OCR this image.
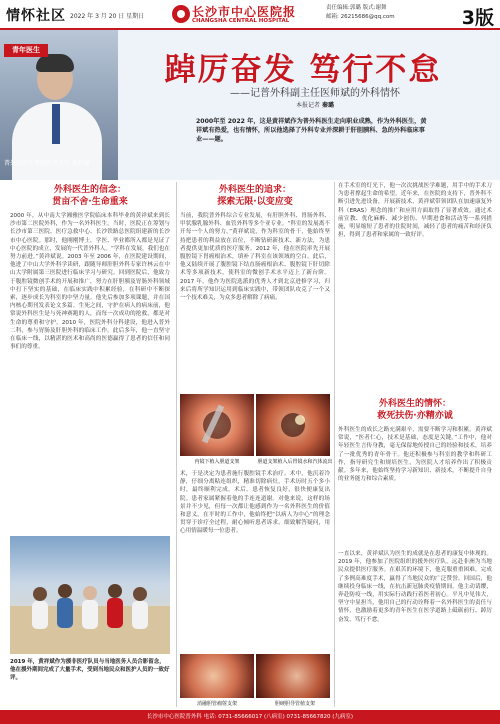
情怀社区 2022 年 3 月 20 日 星期日	长沙市中心医院报
CHANGSHA CENTRAL HOSPITAL
责任编辑:郭璐 版式:谢舞
邮箱: 26215686@qq.com	3版
青年医生
普外科医生胃肠肛周主任 黄祥斌
踔厉奋发 笃行不怠
——记普外科副主任医师斌的外科情怀
本报记者 秦璐
2000年至 2022 年，这是黄祥斌作为普外科医生走向职业成熟，作为外科医生，黄祥斌有热爱，也有情怀，所以他选择了外科专业并深耕于肝胆胰科、急的外科临床事业——题。
外科医生的信念：
贯亩不舍·生命重来
2000 年，从中南大学湘雅医学院临床本科毕业的黄祥斌来到长沙市第二医院外科，作为一名外科医生。当时，医院正在筹划与长沙市第三医院、医疗急救中心、长沙铁路总医院组建新的长沙市中心医院。那时，他刚刚博士，学医、毕业都所入都是见证了中心医院的成立，发展的一代普外科人。“学科在发展，我们也在努力前进。”黄祥斌说。2003 年至 2006 年，在医院建设期间，他进了中山大学外科学读研，跟随导师肝胆外科专家许林云在中山大学附属第三医院进行临床学习与研究。回到医院后，他致力于腹腔镜微创手术的开展和推广，努力在肝胆胰及胃肠外科领域中打下坚实的基础，在临床实践中积累经验，在科研中不断探索，逐步成长为科室的中坚力量。他先后参加多项课题，并在国内核心期刊发表论文多篇。生死之间，守护在病人的病床前，他常说外科医生是与死神赛跑的人，而每一次成功的抢救，都是对生命的尊重和守护。2010 年，医院外科分科建设，他进入普外二科，参与胃肠及肝胆外科的临床工作。此后多年，他一直坚守在临床一线，以精湛的医术和高尚的医德赢得了患者的信任和同事们的尊重。
2019 年，黄祥斌作为援非医疗队员与当地医务人员合影留念，他在援外期间完成了大量手术，受到当地民众和医护人员的一致好评。
外科医生的追求：
探索无限·以变应变
当前，我院普外科综合专业发展，有肝胆外科、胃肠外科、甲状腺乳腺外科、血管外科等多个亚专业。“科室的发展离不开每一个人的努力。”黄祥斌说，作为科室的骨干，他始终坚持把患者的利益放在首位，不断钻研新技术、新方法，为患者提供更加优质的医疗服务。2012 年，他在医院率先开展腹腔镜下胃癌根治术，填补了科室在该领域的空白。此后，他又陆续开展了腹腔镜下结直肠癌根治术、腹腔镜下肝切除术等多项新技术，使科室的微创手术水平迈上了新台阶。2017 年，他作为医院选派的优秀人才到北京进修学习，归来后将所学知识运用到临床实践中，带领团队攻克了一个又一个技术难关，为众多患者解除了病痛。
内镜下植入胆道支架	胆道支架植入后胃镜水和汽体流出
术，于是决定为患者施行腹腔镜手术治疗。术中，他沉着冷静，仔细分离粘连组织，精准切除病灶，手术历时五个多小时，最终顺利完成。术后，患者恢复良好，很快便康复出院。患者家属紧握着他的手连连道谢。对他来说，这样的场景并不少见，但每一次都让他感到作为一名外科医生的价值和意义。在平时的工作中，他始终把“以病人为中心”的理念贯穿于诊疗全过程，耐心倾听患者诉求，细致解答疑问，用心用情温暖每一位患者。
消融胆管瘤射支架	胆硬胆导管植支架
在手术室的灯光下，他一次次挑战医学难题，用手中的手术刀为患者撑起生命的希望。近年来，在医院的支持下，普外科不断引进先进设备，开展新技术，黄祥斌带领团队在加速康复外科（ERAS）理念的推广和应用方面取得了显著成效。通过术前宣教、优化麻醉、减少创伤、早期进食和活动等一系列措施，明显缩短了患者的住院时间，减轻了患者的痛苦和经济负担，得到了患者和家属的一致好评。
外科医生的情怀：
救死扶伤·亦精亦诚
外科医生的成长之路充满艰辛，需要不断学习和积累。黄祥斌常说，“医者仁心，技术是基础，态度是关键。”工作中，他对年轻医生言传身教，毫无保留地传授自己的经验和技术，培养了一批优秀的青年骨干。他还积极参与科室的教学和科研工作，指导研究生和规培医生，为医院人才培养作出了积极贡献。多年来，他始终坚持学习新知识、新技术，不断提升自身的业务能力和综合素质。
一直以来，黄祥斌认为医生的成就是在患者的康复中体现的。2019 年，他参加了医院组织的援外医疗队，远赴非洲为当地民众提供医疗服务。在艰苦的环境下，他克服重重困难，完成了多例高难度手术，赢得了当地民众的广泛赞誉。回国后，他继续投身临床一线，在抗击新冠肺炎疫情期间，他主动请缨，奔赴防疫一线，用实际行动践行着医者初心。平凡中见伟大，坚守中显担当，他用自己的行动诠释着一名外科医生的责任与情怀，也激励着更多的青年医生在医学道路上砥砺前行、踔厉奋发、笃行不怠。
长沙市中心医院普外科 电话: 0731-85666017 (八病室) 0731-85667820 (九病室)
